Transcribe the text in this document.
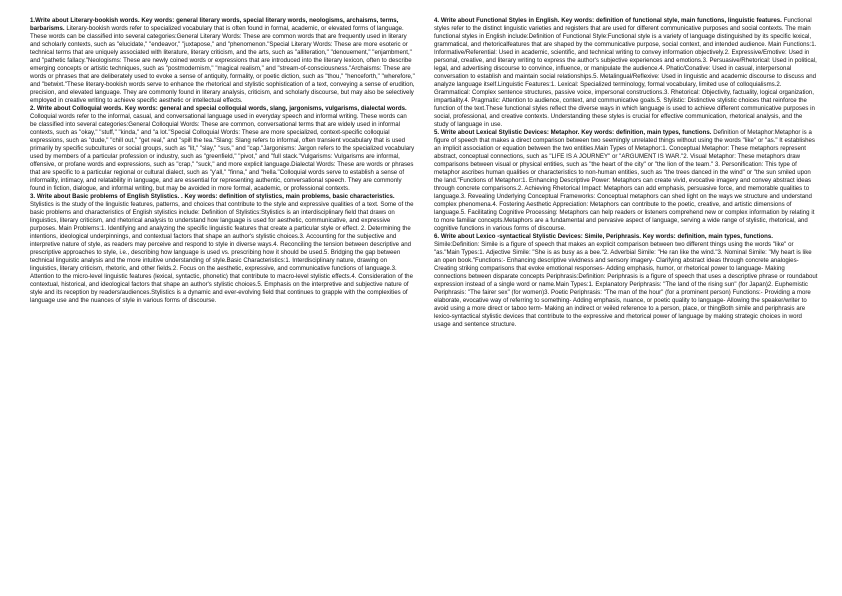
1.Write about Literary-bookish words. Key words: general literary words, special literary words, neologisms, archaisms, terms, barbarisms. Literary-bookish words refer to specialized vocabulary that is often found in formal, academic, or elevated forms of language. These words can be classified into several categories:General Literary Words: These are common words that are frequently used in literary and scholarly contexts, such as "elucidate," "endeavor," "juxtapose," and "phenomenon."Special Literary Words: These are more esoteric or technical terms that are uniquely associated with literature, literary criticism, and the arts, such as "alliteration," "denouement," "enjambment," and "pathetic fallacy."Neologisms: These are newly coined words or expressions that are introduced into the literary lexicon, often to describe emerging concepts or artistic techniques, such as "postmodernism," "magical realism," and "stream-of-consciousness."Archaisms: These are words or phrases that are deliberately used to evoke a sense of antiquity, formality, or poetic diction, such as "thou," "henceforth," "wherefore," and "betwixt."These literary-bookish words serve to enhance the rhetorical and stylistic sophistication of a text, conveying a sense of erudition, precision, and elevated language. They are commonly found in literary analysis, criticism, and scholarly discourse, but may also be selectively employed in creative writing to achieve specific aesthetic or intellectual effects.

2. Write about Colloquial words. Key words: general and special colloquial words, slang, jargonisms, vulgarisms, dialectal words. Colloquial words refer to the informal, casual, and conversational language used in everyday speech and informal writing. These words can be classified into several categories:General Colloquial Words: These are common, conversational terms that are widely used in informal contexts, such as "okay," "stuff," "kinda," and "a lot."Special Colloquial Words: These are more specialized, context-specific colloquial expressions, such as "dude," "chill out," "get real," and "spill the tea."Slang: Slang refers to informal, often transient vocabulary that is used primarily by specific subcultures or social groups, such as "lit," "slay," "sus," and "cap."Jargonisms: Jargon refers to the specialized vocabulary used by members of a particular profession or industry, such as "greenfield," "pivot," and "full stack."Vulgarisms: Vulgarisms are informal, offensive, or profane words and expressions, such as "crap," "suck," and more explicit language.Dialectal Words: These are words or phrases that are specific to a particular regional or cultural dialect, such as "y'all," "finna," and "hella."Colloquial words serve to establish a sense of informality, intimacy, and relatability in language, and are essential for representing authentic, conversational speech. They are commonly found in fiction, dialogue, and informal writing, but may be avoided in more formal, academic, or professional contexts.

3. Write about Basic problems of English Stylistics. . Key words: definition of stylistics, main problems, basic characteristics. Stylistics is the study of the linguistic features, patterns, and choices that contribute to the style and expressive qualities of a text. Some of the basic problems and characteristics of English stylistics include: Definition of Stylistics:Stylistics is an interdisciplinary field that draws on linguistics, literary criticism, and rhetorical analysis to understand how language is used for aesthetic, communicative, and expressive purposes. Main Problems:1. Identifying and analyzing the specific linguistic features that create a particular style or effect. 2. Determining the intentions, ideological underpinnings, and contextual factors that shape an author's stylistic choices.3. Accounting for the subjective and interpretive nature of style, as readers may perceive and respond to style in diverse ways.4. Reconciling the tension between descriptive and prescriptive approaches to style, i.e., describing how language is used vs. prescribing how it should be used.5. Bridging the gap between technical linguistic analysis and the more intuitive understanding of style.Basic Characteristics:1. Interdisciplinary nature, drawing on linguistics, literary criticism, rhetoric, and other fields.2. Focus on the aesthetic, expressive, and communicative functions of language.3. Attention to the micro-level linguistic features (lexical, syntactic, phonetic) that contribute to macro-level stylistic effects.4. Consideration of the contextual, historical, and ideological factors that shape an author's stylistic choices.5. Emphasis on the interpretive and subjective nature of style and its reception by readers/audiences.Stylistics is a dynamic and ever-evolving field that continues to grapple with the complexities of language use and the nuances of style in various forms of discourse.

4. Write about Functional Styles in English. Key words: definition of functional style, main functions, linguistic features. Functional styles refer to the distinct linguistic varieties and registers that are used for different communicative purposes and social contexts. The main functional styles in English include:Definition of Functional Style:Functional style is a variety of language distinguished by its specific lexical, grammatical, and rhetoricalfeatures that are shaped by the communicative purpose, social context, and intended audience. Main Functions:1. Informative/Referential: Used in academic, scientific, and technical writing to convey information objectively.2. Expressive/Emotive: Used in personal, creative, and literary writing to express the author's subjective experiences and emotions.3. Persuasive/Rhetorical: Used in political, legal, and advertising discourse to convince, influence, or manipulate the audience.4. Phatic/Conative: Used in casual, interpersonal conversation to establish and maintain social relationships.5. Metalingual/Reflexive: Used in linguistic and academic discourse to discuss and analyze language itself.Linguistic Features:1. Lexical: Specialized terminology, formal vocabulary, limited use of colloquialisms.2. Grammatical: Complex sentence structures, passive voice, impersonal constructions.3. Rhetorical: Objectivity, factuality, logical organization, impartiality.4. Pragmatic: Attention to audience, context, and communicative goals.5. Stylistic: Distinctive stylistic choices that reinforce the function of the text.These functional styles reflect the diverse ways in which language is used to achieve different communicative purposes in social, professional, and creative contexts. Understanding these styles is crucial for effective communication, rhetorical analysis, and the study of language in use.

5. Write about Lexical Stylistic Devices: Metaphor. Key words: definition, main types, functions. Definition of Metaphor:Metaphor is a figure of speech that makes a direct comparison between two seemingly unrelated things without using the words "like" or "as." It establishes an implicit association or equation between the two entities.Main Types of Metaphor:1. Conceptual Metaphor: These metaphors represent abstract, conceptual connections, such as "LIFE IS A JOURNEY" or "ARGUMENT IS WAR."2. Visual Metaphor: These metaphors draw comparisons between visual or physical entities, such as "the heart of the city" or "the lion of the team." 3. Personification: This type of metaphor ascribes human qualities or characteristics to non-human entities, such as "the trees danced in the wind" or "the sun smiled upon the land."Functions of Metaphor:1. Enhancing Descriptive Power: Metaphors can create vivid, evocative imagery and convey abstract ideas through concrete comparisons.2. Achieving Rhetorical Impact: Metaphors can add emphasis, persuasive force, and memorable qualities to language.3. Revealing Underlying Conceptual Frameworks: Conceptual metaphors can shed light on the ways we structure and understand complex phenomena.4. Fostering Aesthetic Appreciation: Metaphors can contribute to the poetic, creative, and artistic dimensions of language.5. Facilitating Cognitive Processing: Metaphors can help readers or listeners comprehend new or complex information by relating it to more familiar concepts.Metaphors are a fundamental and pervasive aspect of language, serving a wide range of stylistic, rhetorical, and cognitive functions in various forms of discourse.

6. Write about Lexico -syntactical Stylistic Devices: Simile, Periphrasis. Key words: definition, main types, functions. Simile:Definition: Simile is a figure of speech that makes an explicit comparison between two different things using the words "like" or "as."Main Types:1. Adjective Simile: "She is as busy as a bee."2. Adverbial Simile: "He ran like the wind."3. Nominal Simile: "My heart is like an open book."Functions:- Enhancing descriptive vividness and sensory imagery- Clarifying abstract ideas through concrete analogies- Creating striking comparisons that evoke emotional responses- Adding emphasis, humor, or rhetorical power to language- Making connections between disparate concepts Periphrasis:Definition: Periphrasis is a figure of speech that uses a descriptive phrase or roundabout expression instead of a single word or name.Main Types:1. Explanatory Periphrasis: "The land of the rising sun" (for Japan)2. Euphemistic Periphrasis: "The fairer sex" (for women)3. Poetic Periphrasis: "The man of the hour" (for a prominent person) Functions:- Providing a more elaborate, evocative way of referring to something- Adding emphasis, nuance, or poetic quality to language- Allowing the speaker/writer to avoid using a more direct or taboo term- Making an indirect or veiled reference to a person, place, or thingBoth simile and periphrasis are lexico-syntactical stylistic devices that contribute to the expressive and rhetorical power of language by making strategic choices in word usage and sentence structure.
